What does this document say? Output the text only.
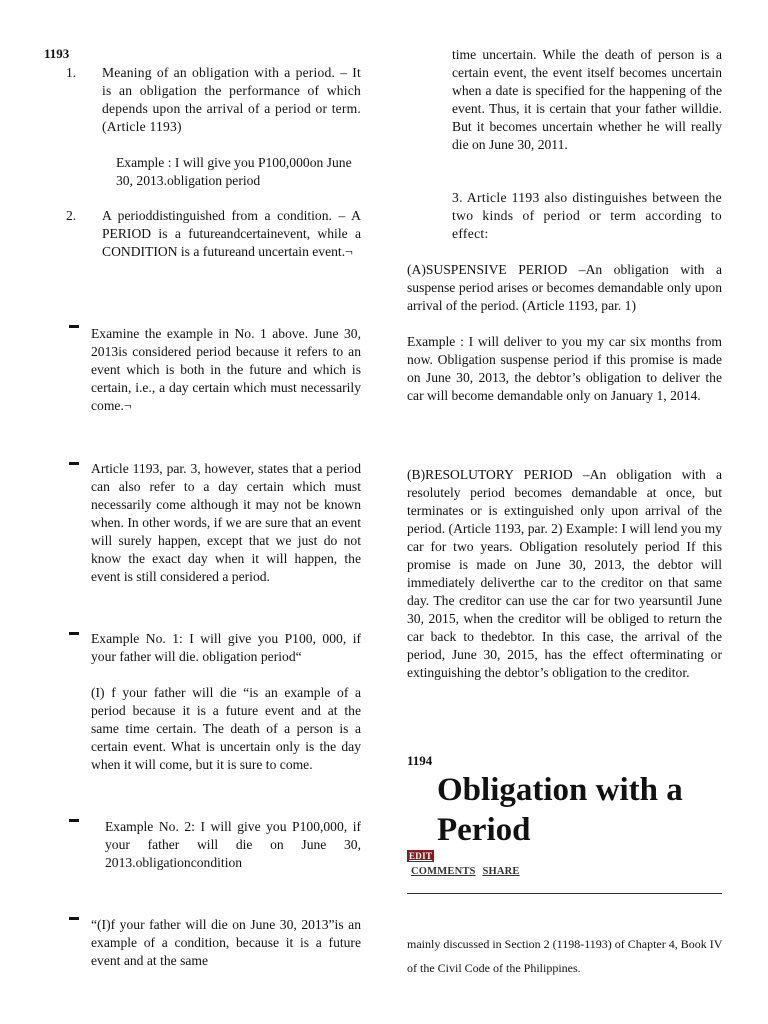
1193
1. Meaning of an obligation with a period. – It is an obligation the performance of which depends upon the arrival of a period or term. (Article 1193)

Example : I will give you P100,000on June 30, 2013.obligation period

2. A perioddistinguished from a condition. – A PERIOD is a futureandcertainevent, while a CONDITION is a futureand uncertain event.¬

Examine the example in No. 1 above. June 30, 2013is considered period because it refers to an event which is both in the future and which is certain, i.e., a day certain which must necessarily come.¬

Article 1193, par. 3, however, states that a period can also refer to a day certain which must necessarily come although it may not be known when. In other words, if we are sure that an event will surely happen, except that we just do not know the exact day when it will happen, the event is still considered a period.

Example No. 1: I will give you P100, 000, if your father will die. obligation period“

(I) f your father will die “is an example of a period because it is a future event and at the same time certain. The death of a person is a certain event. What is uncertain only is the day when it will come, but it is sure to come.

Example No. 2: I will give you P100,000, if your father will die on June 30, 2013.obligationcondition

“(I)f your father will die on June 30, 2013”is an example of a condition, because it is a future event and at the same

time uncertain. While the death of person is a certain event, the event itself becomes uncertain when a date is specified for the happening of the event. Thus, it is certain that your father willdie. But it becomes uncertain whether he will really die on June 30, 2011.

3. Article 1193 also distinguishes between the two kinds of period or term according to effect:

(A)SUSPENSIVE PERIOD –An obligation with a suspense period arises or becomes demandable only upon arrival of the period. (Article 1193, par. 1)

Example : I will deliver to you my car six months from now. Obligation suspense period if this promise is made on June 30, 2013, the debtor’s obligation to deliver the car will become demandable only on January 1, 2014.

(B)RESOLUTORY PERIOD –An obligation with a resolutely period becomes demandable at once, but terminates or is extinguished only upon arrival of the period. (Article 1193, par. 2) Example: I will lend you my car for two years. Obligation resolutely period If this promise is made on June 30, 2013, the debtor will immediately deliverthe car to the creditor on that same day. The creditor can use the car for two yearsuntil June 30, 2015, when the creditor will be obliged to return the car back to thedebtor. In this case, the arrival of the period, June 30, 2015, has the effect ofterminating or extinguishing the debtor’s obligation to the creditor.

1194
Obligation with a Period
EDIT
COMMENTS SHARE

mainly discussed in Section 2 (1198-1193) of Chapter 4, Book IV of the Civil Code of the Philippines.
